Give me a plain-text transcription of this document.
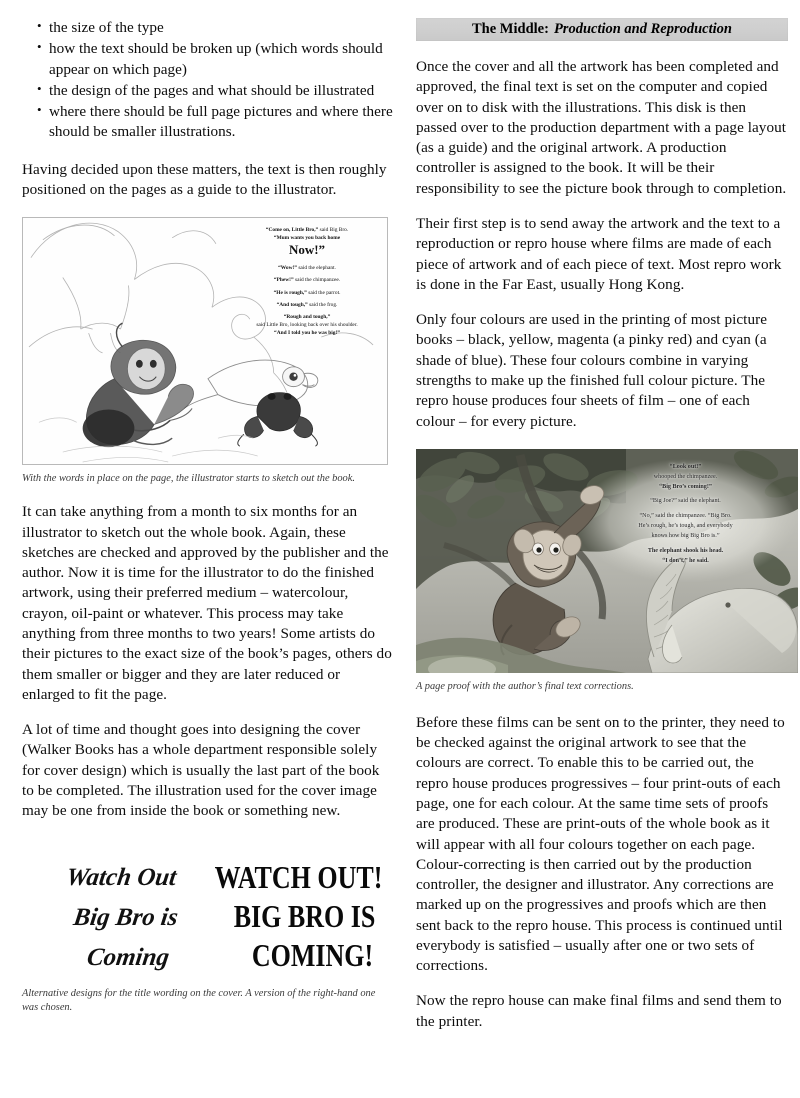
• the size of the type
• how the text should be broken up (which words should appear on which page)
• the design of the pages and what should be illustrated
• where there should be full page pictures and where there should be smaller illustrations.

Having decided upon these matters, the text is then roughly positioned on the pages as a guide to the illustrator.

“Come on, Little Bro,” said Big Bro.
“Mum wants you back home
Now!”
“Wow!” said the elephant.
“Phew!” said the chimpanzee.
“He is rough,” said the parrot.
“And tough,” said the frog.
“Rough and tough,”
said Little Bro, looking back over his shoulder.
“And I told you he was big!”
With the words in place on the page, the illustrator starts to sketch out the book.

It can take anything from a month to six months for an illustrator to sketch out the whole book. Again, these sketches are checked and approved by the publisher and the author. Now it is time for the illustrator to do the finished artwork, using their preferred medium – watercolour, crayon, oil-paint or whatever. This process may take anything from three months to two years! Some artists do their pictures to the exact size of the book’s pages, others do them smaller or bigger and they are later reduced or enlarged to fit the page.

A lot of time and thought goes into designing the cover (Walker Books has a whole department responsible solely for cover design) which is usually the last part of the book to be completed. The illustration used for the cover image may be one from inside the book or something new.

Watch Out
Big Bro is
Coming
WATCH OUT!
BIG BRO IS
COMING!
Alternative designs for the title wording on the cover. A version of the right-hand one was chosen.
The Middle: Production and Reproduction

Once the cover and all the artwork has been completed and approved, the final text is set on the computer and copied over on to disk with the illustrations. This disk is then passed over to the production department with a page layout (as a guide) and the original artwork. A production controller is assigned to the book. It will be their responsibility to see the picture book through to completion.

Their first step is to send away the artwork and the text to a reproduction or repro house where films are made of each piece of artwork and of each piece of text. Most repro work is done in the Far East, usually Hong Kong.

Only four colours are used in the printing of most picture books – black, yellow, magenta (a pinky red) and cyan (a shade of blue). These four colours combine in varying strengths to make up the finished full colour picture. The repro house produces four sheets of film – one of each colour – for every picture.

“Look out!”
whooped the chimpanzee.
“Big Bro’s coming!”
“Big Joe?” said the elephant.
“No,” said the chimpanzee. “Big Bro.
He’s rough, he’s tough, and everybody
knows how big Big Bro is.”
The elephant shook his head.
“I don’t,” he said.
A page proof with the author’s final text corrections.

Before these films can be sent on to the printer, they need to be checked against the original artwork to see that the colours are correct. To enable this to be carried out, the repro house produces progressives – four print-outs of each page, one for each colour. At the same time sets of proofs are produced. These are print-outs of the whole book as it will appear with all four colours together on each page. Colour-correcting is then carried out by the production controller, the designer and illustrator. Any corrections are marked up on the progressives and proofs which are then sent back to the repro house. This process is continued until everybody is satisfied – usually after one or two sets of corrections.

Now the repro house can make final films and send them to the printer.
